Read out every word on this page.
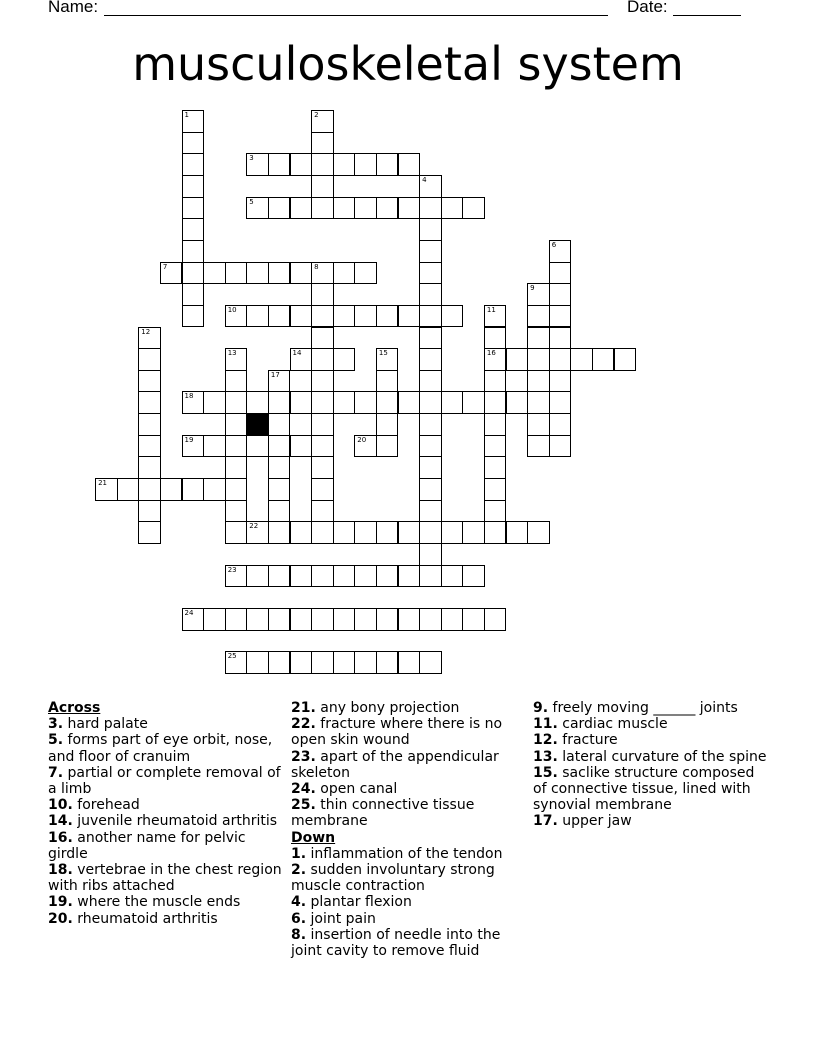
Name:	Date:
musculoskeletal system
3
5
7	8
10
14	16
18
19	20
21
22
23
24
25
1	2
4
6
9
11
12
13	15
17
Across
3. hard palate
5. forms part of eye orbit, nose, and floor of cranuim
7. partial or complete removal of a limb
10. forehead
14. juvenile rheumatoid arthritis
16. another name for pelvic girdle
18. vertebrae in the chest region with ribs attached
19. where the muscle ends
20. rheumatoid arthritis
21. any bony projection
22. fracture where there is no open skin wound
23. apart of the appendicular skeleton
24. open canal
25. thin connective tissue membrane
Down
1. inflammation of the tendon
2. sudden involuntary strong muscle contraction
4. plantar flexion
6. joint pain
8. insertion of needle into the joint cavity to remove fluid
9. freely moving ______ joints
11. cardiac muscle
12. fracture
13. lateral curvature of the spine
15. saclike structure composed of connective tissue, lined with synovial membrane
17. upper jaw
